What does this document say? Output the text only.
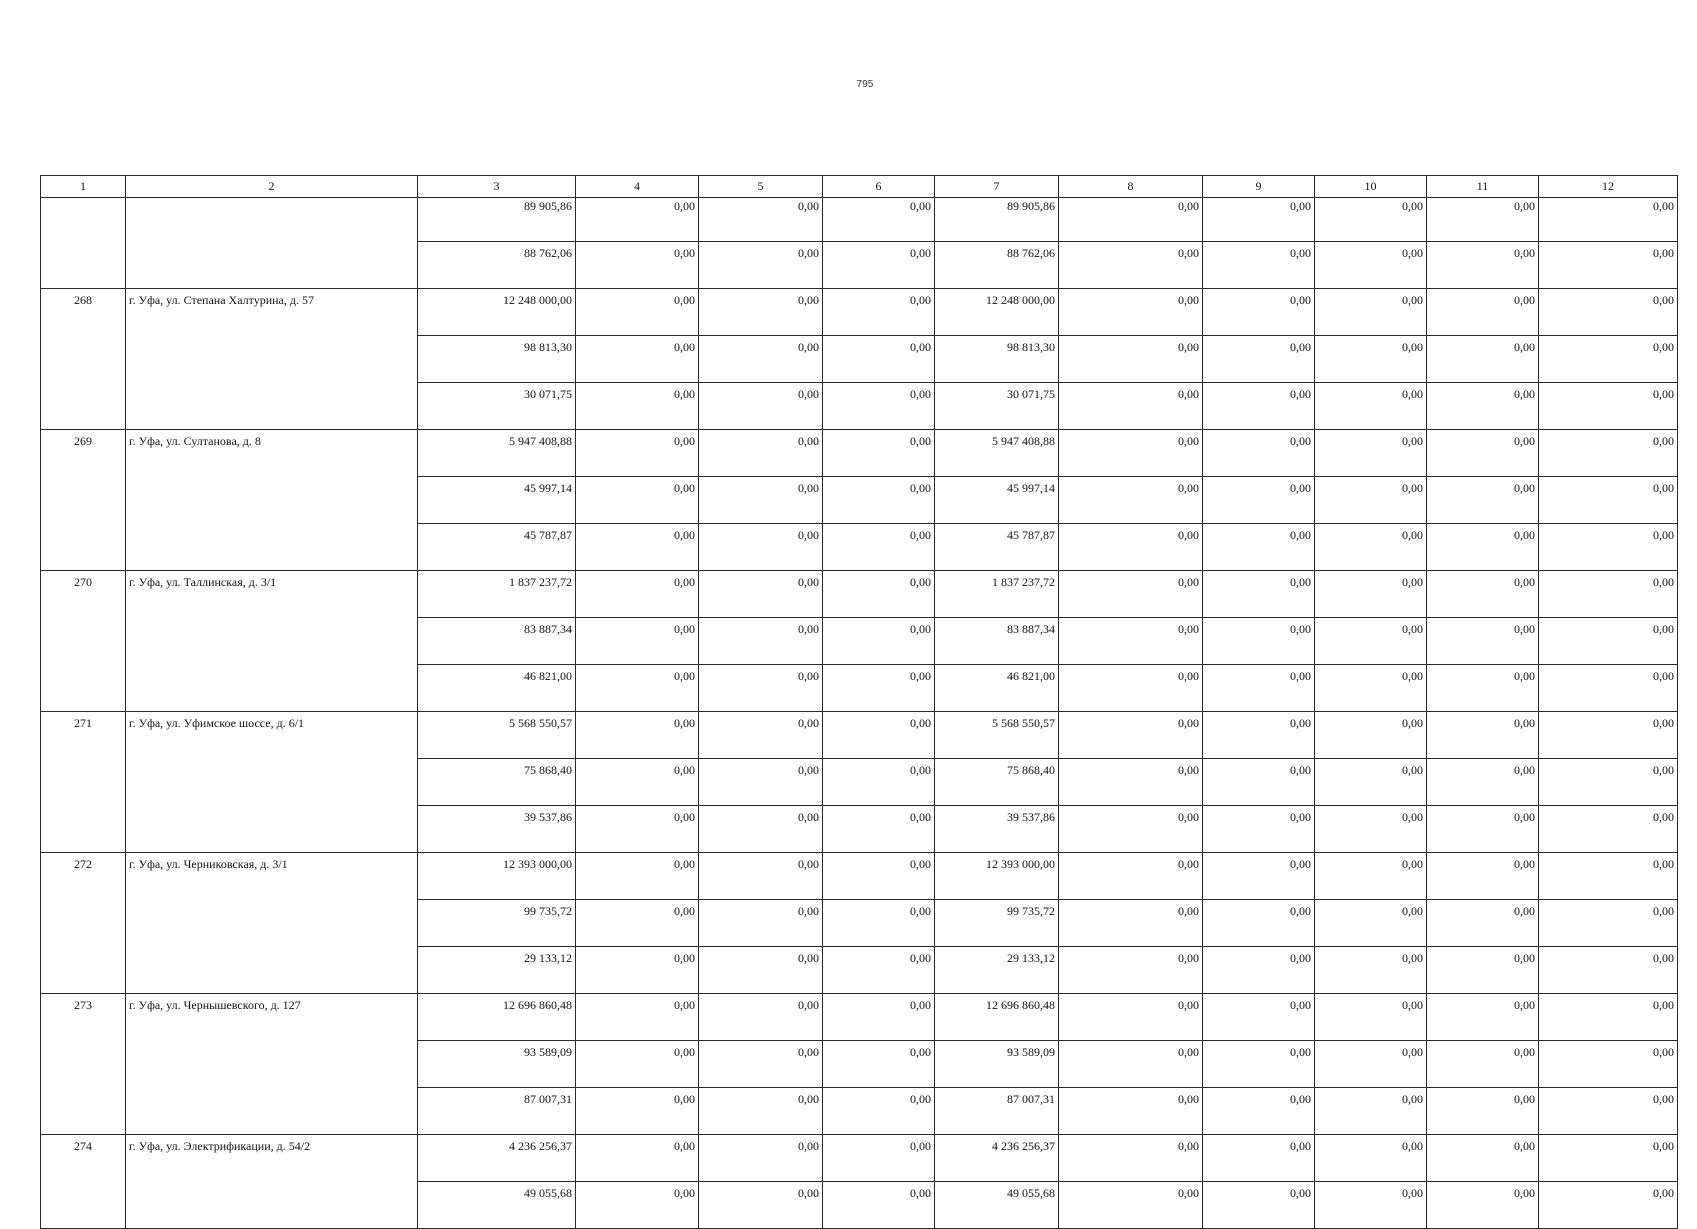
795
1	2	3	4	5	6	7	8	9	10	11	12
		89 905,86	0,00	0,00	0,00	89 905,86	0,00	0,00	0,00	0,00	0,00
		88 762,06	0,00	0,00	0,00	88 762,06	0,00	0,00	0,00	0,00	0,00
268	г. Уфа, ул. Степана Халтурина, д. 57	12 248 000,00	0,00	0,00	0,00	12 248 000,00	0,00	0,00	0,00	0,00	0,00
		98 813,30	0,00	0,00	0,00	98 813,30	0,00	0,00	0,00	0,00	0,00
		30 071,75	0,00	0,00	0,00	30 071,75	0,00	0,00	0,00	0,00	0,00
269	г. Уфа, ул. Султанова, д. 8	5 947 408,88	0,00	0,00	0,00	5 947 408,88	0,00	0,00	0,00	0,00	0,00
		45 997,14	0,00	0,00	0,00	45 997,14	0,00	0,00	0,00	0,00	0,00
		45 787,87	0,00	0,00	0,00	45 787,87	0,00	0,00	0,00	0,00	0,00
270	г. Уфа, ул. Таллинская, д. 3/1	1 837 237,72	0,00	0,00	0,00	1 837 237,72	0,00	0,00	0,00	0,00	0,00
		83 887,34	0,00	0,00	0,00	83 887,34	0,00	0,00	0,00	0,00	0,00
		46 821,00	0,00	0,00	0,00	46 821,00	0,00	0,00	0,00	0,00	0,00
271	г. Уфа, ул. Уфимское шоссе, д. 6/1	5 568 550,57	0,00	0,00	0,00	5 568 550,57	0,00	0,00	0,00	0,00	0,00
		75 868,40	0,00	0,00	0,00	75 868,40	0,00	0,00	0,00	0,00	0,00
		39 537,86	0,00	0,00	0,00	39 537,86	0,00	0,00	0,00	0,00	0,00
272	г. Уфа, ул. Черниковская, д. 3/1	12 393 000,00	0,00	0,00	0,00	12 393 000,00	0,00	0,00	0,00	0,00	0,00
		99 735,72	0,00	0,00	0,00	99 735,72	0,00	0,00	0,00	0,00	0,00
		29 133,12	0,00	0,00	0,00	29 133,12	0,00	0,00	0,00	0,00	0,00
273	г. Уфа, ул. Чернышевского, д. 127	12 696 860,48	0,00	0,00	0,00	12 696 860,48	0,00	0,00	0,00	0,00	0,00
		93 589,09	0,00	0,00	0,00	93 589,09	0,00	0,00	0,00	0,00	0,00
		87 007,31	0,00	0,00	0,00	87 007,31	0,00	0,00	0,00	0,00	0,00
274	г. Уфа, ул. Электрификации, д. 54/2	4 236 256,37	0,00	0,00	0,00	4 236 256,37	0,00	0,00	0,00	0,00	0,00
		49 055,68	0,00	0,00	0,00	49 055,68	0,00	0,00	0,00	0,00	0,00
